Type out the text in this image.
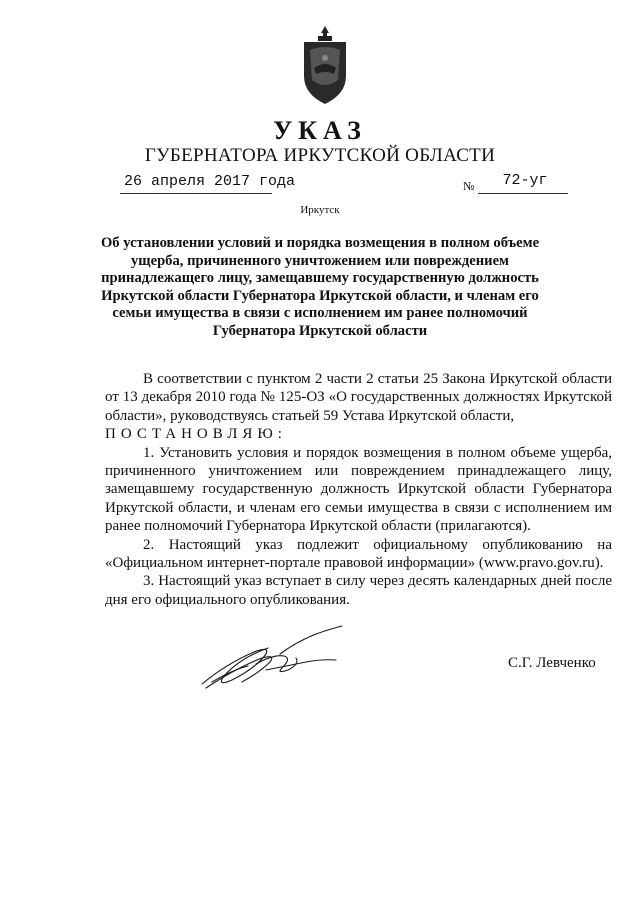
УКАЗ
ГУБЕРНАТОРА ИРКУТСКОЙ ОБЛАСТИ
26 апреля 2017 года	№	72-уг
Иркутск
Об установлении условий и порядка возмещения в полном объеме ущерба, причиненного уничтожением или повреждением принадлежащего лицу, замещавшему государственную должность Иркутской области Губернатора Иркутской области, и членам его семьи имущества в связи с исполнением им ранее полномочий Губернатора Иркутской области

В соответствии с пунктом 2 части 2 статьи 25 Закона Иркутской области от 13 декабря 2010 года № 125-ОЗ «О государственных должностях Иркутской области», руководствуясь статьей 59 Устава Иркутской области,

ПОСТАНОВЛЯЮ:

1. Установить условия и порядок возмещения в полном объеме ущерба, причиненного уничтожением или повреждением принадлежащего лицу, замещавшему государственную должность Иркутской области Губернатора Иркутской области, и членам его семьи имущества в связи с исполнением им ранее полномочий Губернатора Иркутской области (прилагаются).

2. Настоящий указ подлежит официальному опубликованию на «Официальном интернет-портале правовой информации» (www.pravo.gov.ru).

3. Настоящий указ вступает в силу через десять календарных дней после дня его официального опубликования.

С.Г. Левченко
